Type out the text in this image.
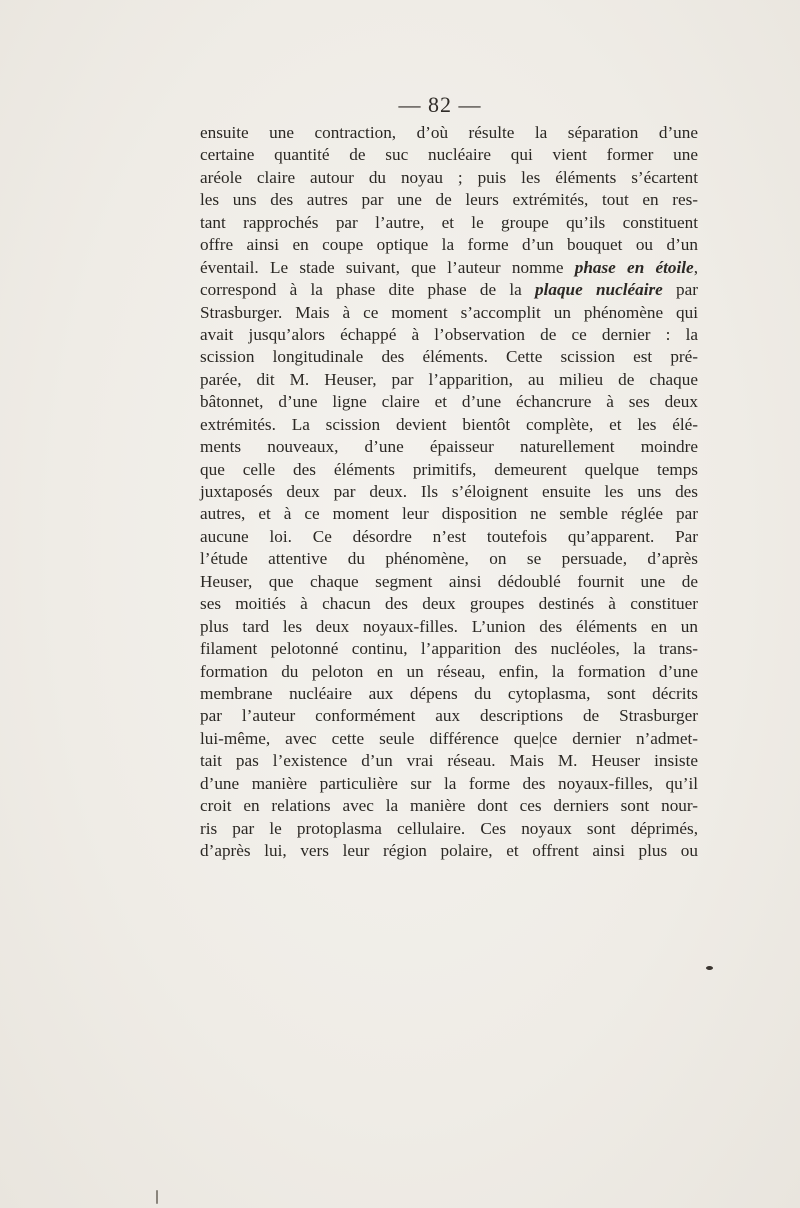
— 82 —
ensuite une contraction, d’où résulte la séparation d’une
certaine quantité de suc nucléaire qui vient former une
aréole claire autour du noyau ; puis les éléments s’écartent
les uns des autres par une de leurs extrémités, tout en res-
tant rapprochés par l’autre, et le groupe qu’ils constituent
offre ainsi en coupe optique la forme d’un bouquet ou d’un
éventail. Le stade suivant, que l’auteur nomme phase en étoile,
correspond à la phase dite phase de la plaque nucléaire par
Strasburger. Mais à ce moment s’accomplit un phénomène qui
avait jusqu’alors échappé à l’observation de ce dernier : la
scission longitudinale des éléments. Cette scission est pré-
parée, dit M. Heuser, par l’apparition, au milieu de chaque
bâtonnet, d’une ligne claire et d’une échancrure à ses deux
extrémités. La scission devient bientôt complète, et les élé-
ments nouveaux, d’une épaisseur naturellement moindre
que celle des éléments primitifs, demeurent quelque temps
juxtaposés deux par deux. Ils s’éloignent ensuite les uns des
autres, et à ce moment leur disposition ne semble réglée par
aucune loi. Ce désordre n’est toutefois qu’apparent. Par
l’étude attentive du phénomène, on se persuade, d’après
Heuser, que chaque segment ainsi dédoublé fournit une de
ses moitiés à chacun des deux groupes destinés à constituer
plus tard les deux noyaux-filles. L’union des éléments en un
filament pelotonné continu, l’apparition des nucléoles, la trans-
formation du peloton en un réseau, enfin, la formation d’une
membrane nucléaire aux dépens du cytoplasma, sont décrits
par l’auteur conformément aux descriptions de Strasburger
lui-même, avec cette seule différence que|ce dernier n’admet-
tait pas l’existence d’un vrai réseau. Mais M. Heuser insiste
d’une manière particulière sur la forme des noyaux-filles, qu’il
croit en relations avec la manière dont ces derniers sont nour-
ris par le protoplasma cellulaire. Ces noyaux sont déprimés,
d’après lui, vers leur région polaire, et offrent ainsi plus ou
